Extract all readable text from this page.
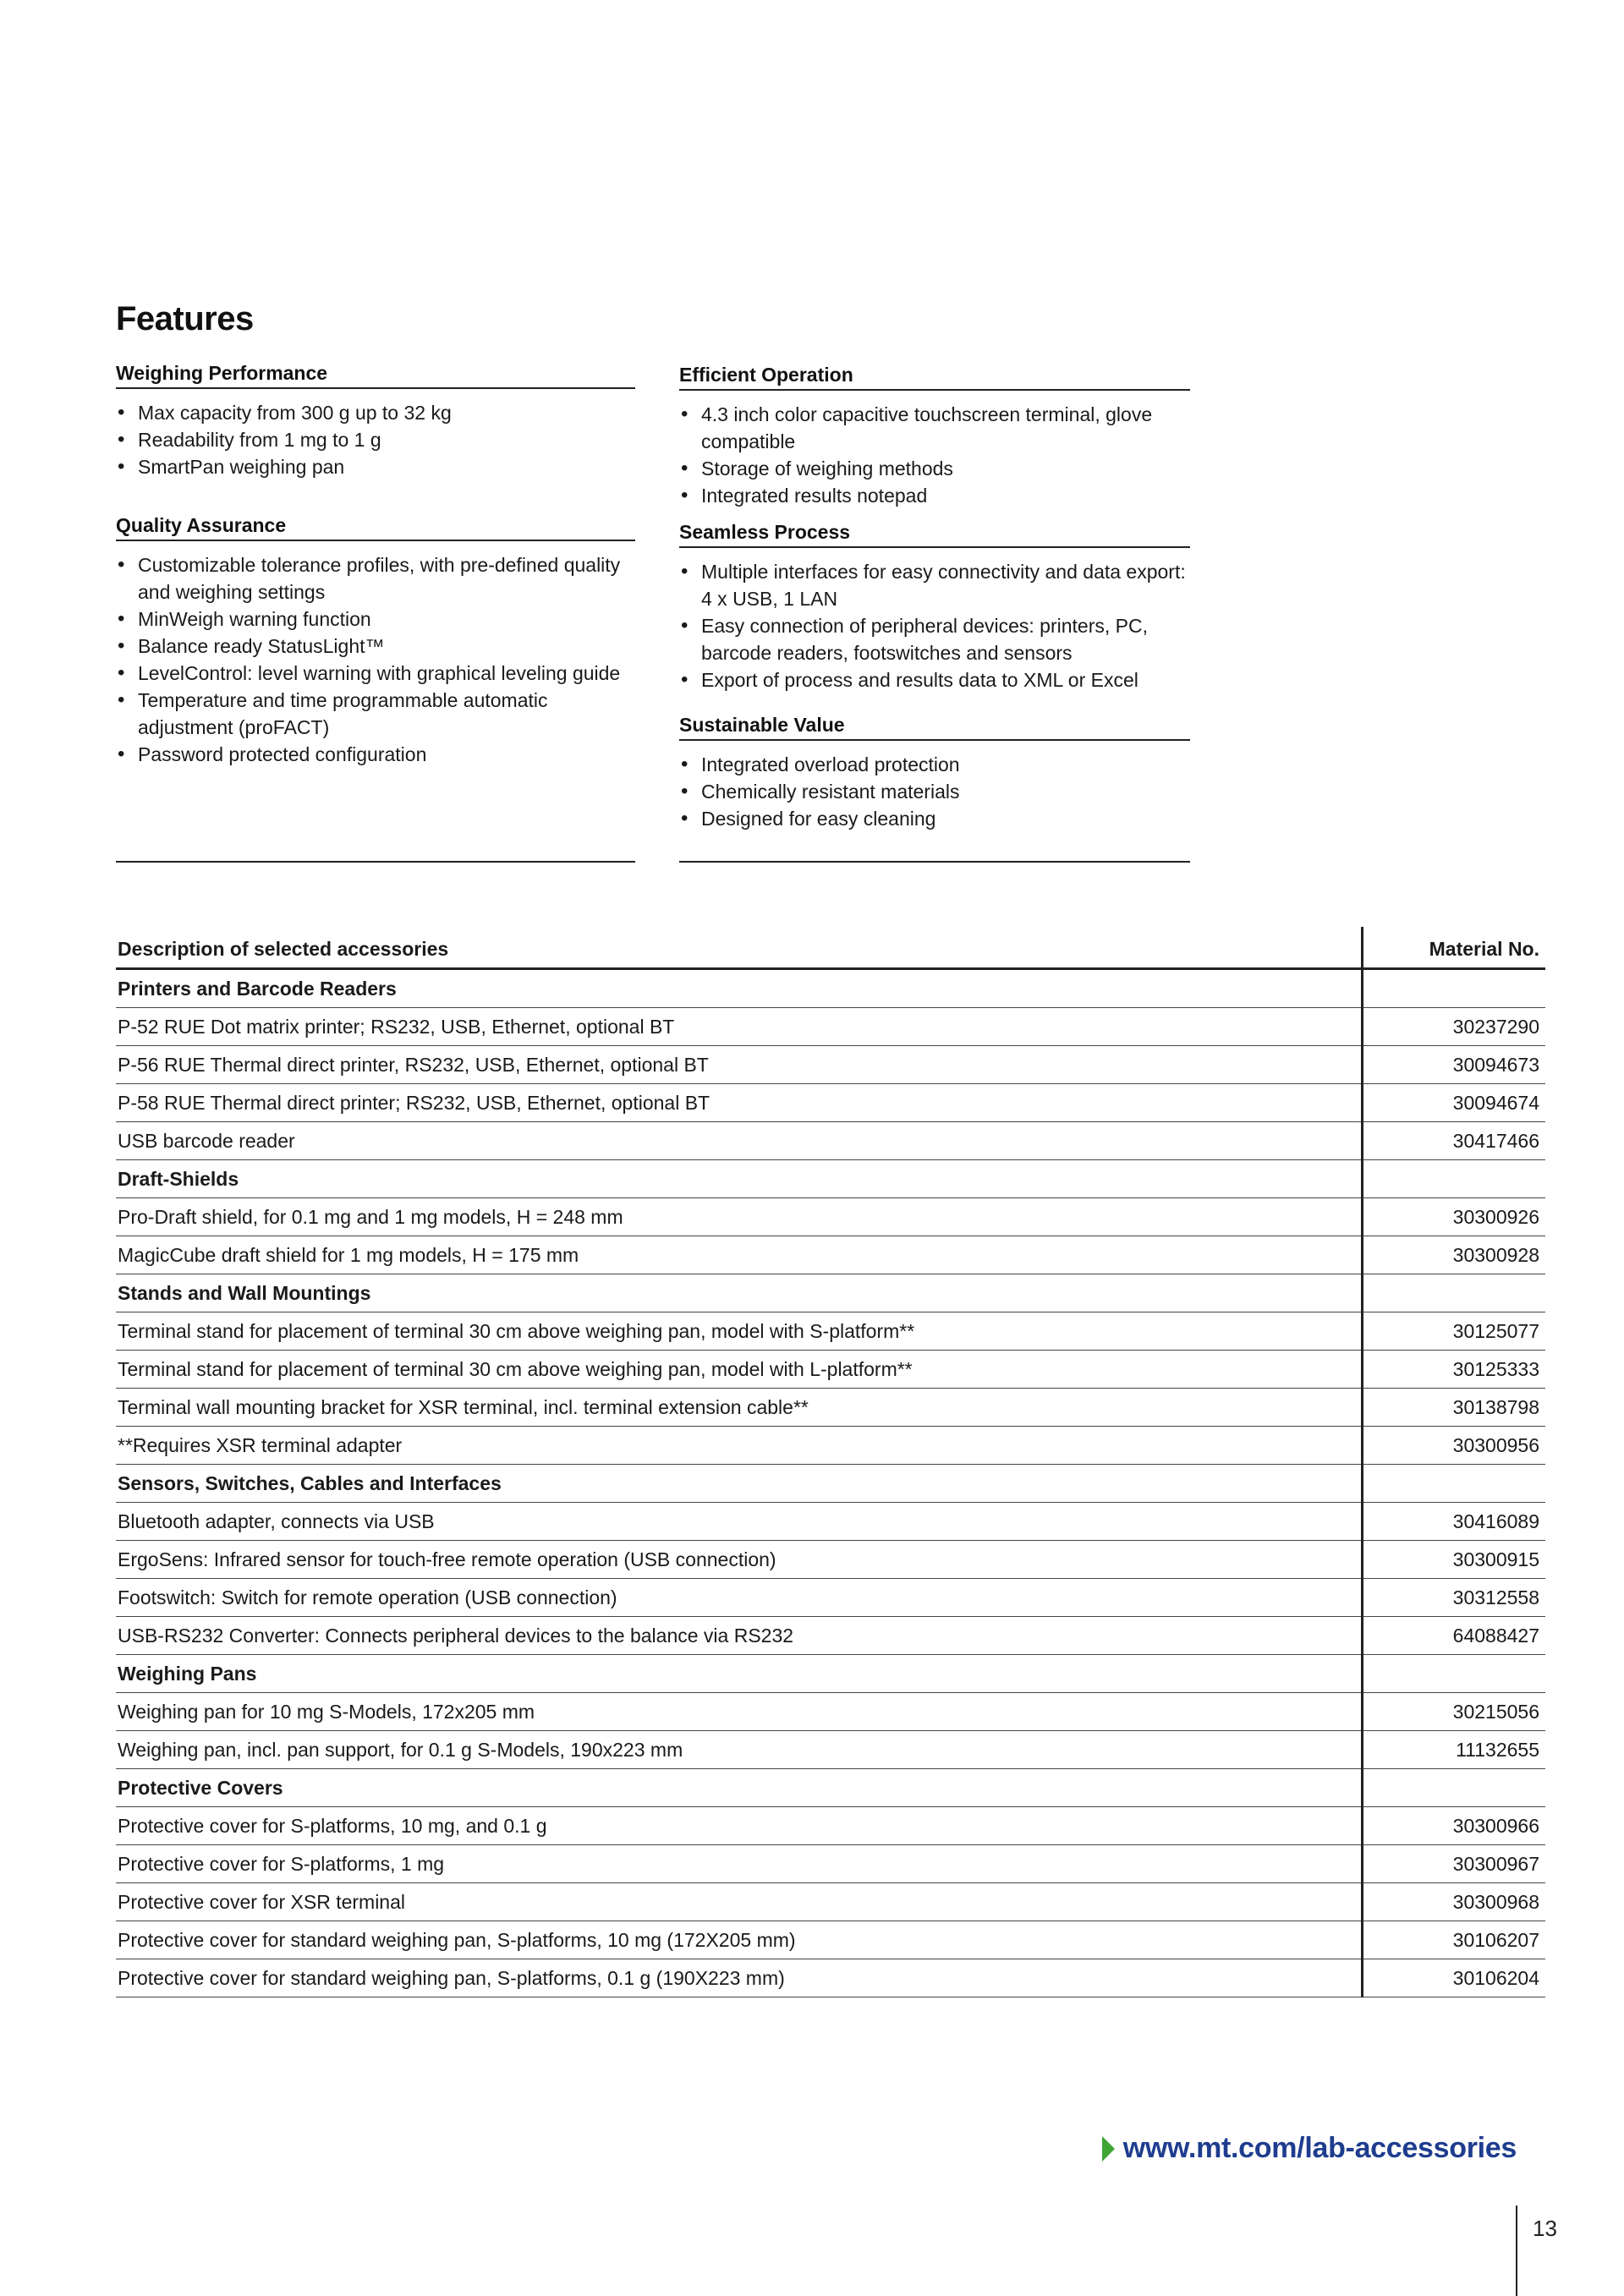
Features
Weighing Performance
• Max capacity from 300 g up to 32 kg
• Readability from 1 mg to 1 g
• SmartPan weighing pan
Quality Assurance
• Customizable tolerance profiles, with pre-defined quality and weighing settings
• MinWeigh warning function
• Balance ready StatusLight™
• LevelControl: level warning with graphical leveling guide
• Temperature and time programmable automatic adjustment (proFACT)
• Password protected configuration
Efficient Operation
• 4.3 inch color capacitive touchscreen terminal, glove compatible
• Storage of weighing methods
• Integrated results notepad
Seamless Process
• Multiple interfaces for easy connectivity and data export: 4 x USB, 1 LAN
• Easy connection of peripheral devices: printers, PC, barcode readers, footswitches and sensors
• Export of process and results data to XML or Excel
Sustainable Value
• Integrated overload protection
• Chemically resistant materials
• Designed for easy cleaning
Description of selected accessories	Material No.
Printers and Barcode Readers	
P-52 RUE Dot matrix printer; RS232, USB, Ethernet, optional BT	30237290
P-56 RUE Thermal direct printer, RS232, USB, Ethernet, optional BT	30094673
P-58 RUE Thermal direct printer; RS232, USB, Ethernet, optional BT	30094674
USB barcode reader	30417466
Draft-Shields	
Pro-Draft shield, for 0.1 mg and 1 mg models, H = 248 mm	30300926
MagicCube draft shield for 1 mg models, H = 175 mm	30300928
Stands and Wall Mountings	
Terminal stand for placement of terminal 30 cm above weighing pan, model with S-platform**	30125077
Terminal stand for placement of terminal 30 cm above weighing pan, model with L-platform**	30125333
Terminal wall mounting bracket for XSR terminal, incl. terminal extension cable**	30138798
**Requires XSR terminal adapter	30300956
Sensors, Switches, Cables and Interfaces	
Bluetooth adapter, connects via USB	30416089
ErgoSens: Infrared sensor for touch-free remote operation (USB connection)	30300915
Footswitch: Switch for remote operation (USB connection)	30312558
USB-RS232 Converter: Connects peripheral devices to the balance via RS232	64088427
Weighing Pans	
Weighing pan for 10 mg S-Models, 172x205 mm	30215056
Weighing pan, incl. pan support, for 0.1 g S-Models, 190x223 mm	11132655
Protective Covers	
Protective cover for S-platforms, 10 mg, and 0.1 g	30300966
Protective cover for S-platforms, 1 mg	30300967
Protective cover for XSR terminal	30300968
Protective cover for standard weighing pan, S-platforms, 10 mg (172X205 mm)	30106207
Protective cover for standard weighing pan, S-platforms, 0.1 g (190X223 mm)	30106204
www.mt.com/lab-accessories
13
